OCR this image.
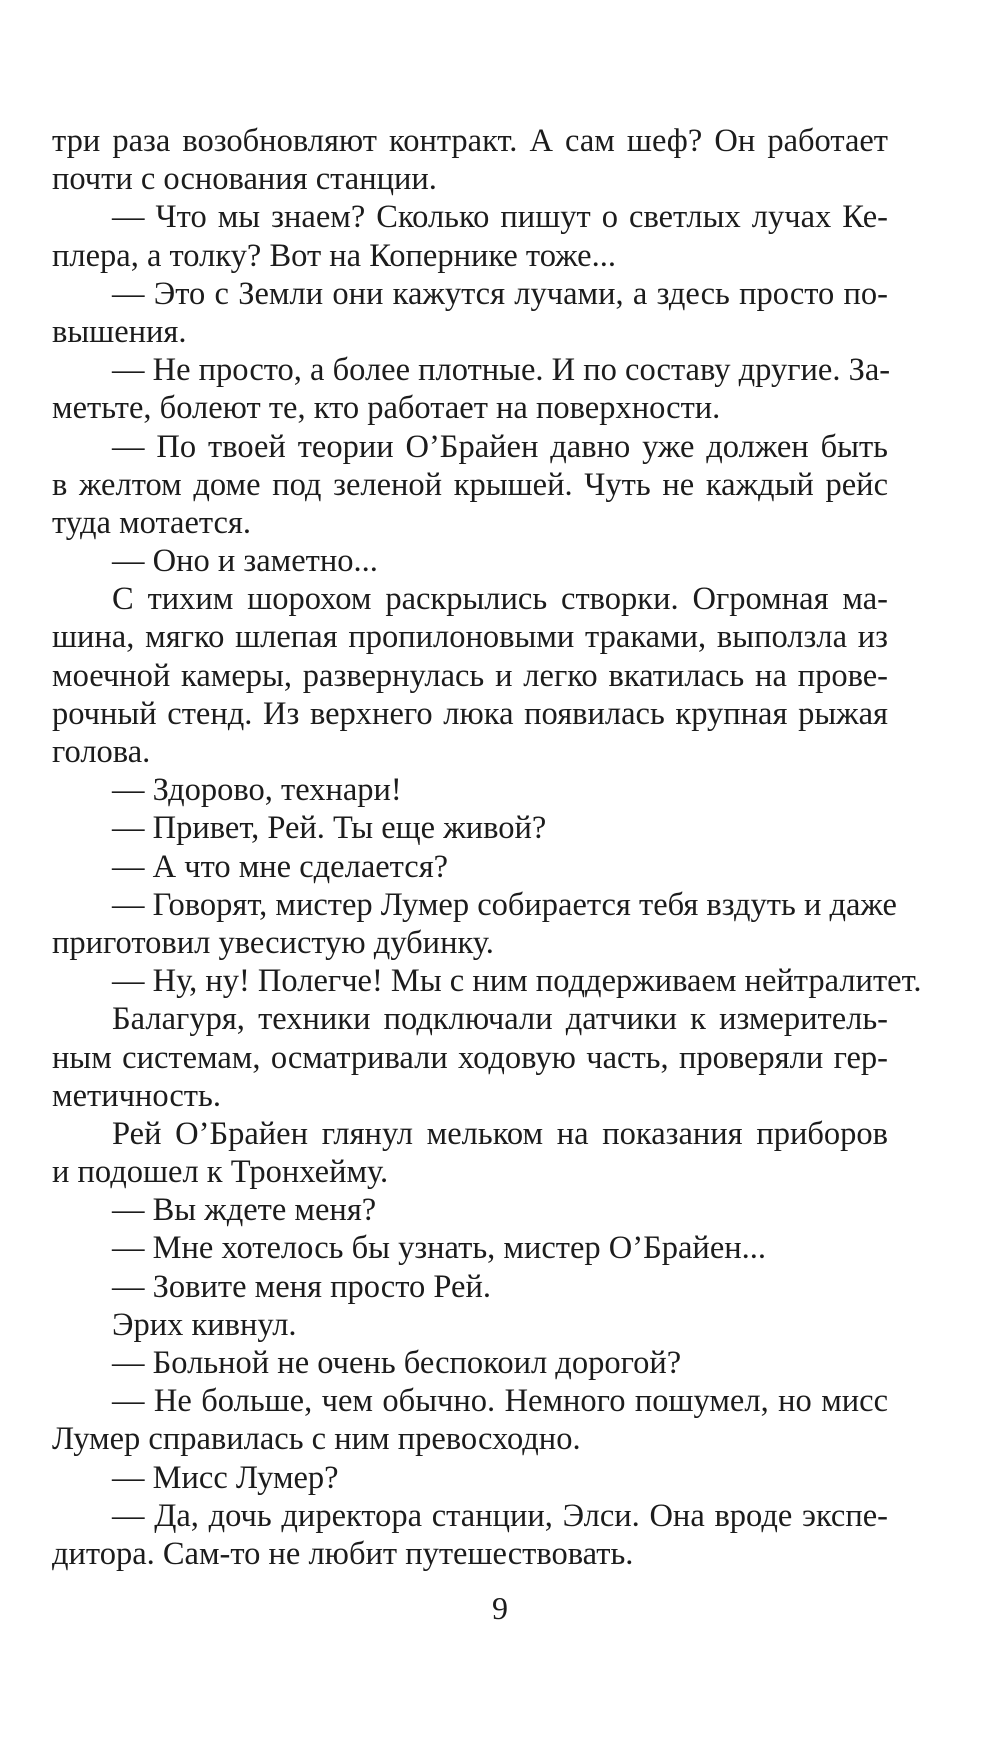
три раза возобновляют контракт. А сам шеф? Он работает
почти с основания станции.
— Что мы знаем? Сколько пишут о светлых лучах Ке-
плера, а толку? Вот на Копернике тоже...
— Это с Земли они кажутся лучами, а здесь просто по-
вышения.
— Не просто, а более плотные. И по составу другие. За-
метьте, болеют те, кто работает на поверхности.
— По твоей теории О’Брайен давно уже должен быть
в желтом доме под зеленой крышей. Чуть не каждый рейс
туда мотается.
— Оно и заметно...
С тихим шорохом раскрылись створки. Огромная ма-
шина, мягко шлепая пропилоновыми траками, выползла из
моечной камеры, развернулась и легко вкатилась на прове-
рочный стенд. Из верхнего люка появилась крупная рыжая
голова.
— Здорово, технари!
— Привет, Рей. Ты еще живой?
— А что мне сделается?
— Говорят, мистер Лумер собирается тебя вздуть и даже
приготовил увесистую дубинку.
— Ну, ну! Полегче! Мы с ним поддерживаем нейтралитет.
Балагуря, техники подключали датчики к измеритель-
ным системам, осматривали ходовую часть, проверяли гер-
метичность.
Рей О’Брайен глянул мельком на показания приборов
и подошел к Тронхейму.
— Вы ждете меня?
— Мне хотелось бы узнать, мистер О’Брайен...
— Зовите меня просто Рей.
Эрих кивнул.
— Больной не очень беспокоил дорогой?
— Не больше, чем обычно. Немного пошумел, но мисс
Лумер справилась с ним превосходно.
— Мисс Лумер?
— Да, дочь директора станции, Элси. Она вроде экспе-
дитора. Сам-то не любит путешествовать.
9
